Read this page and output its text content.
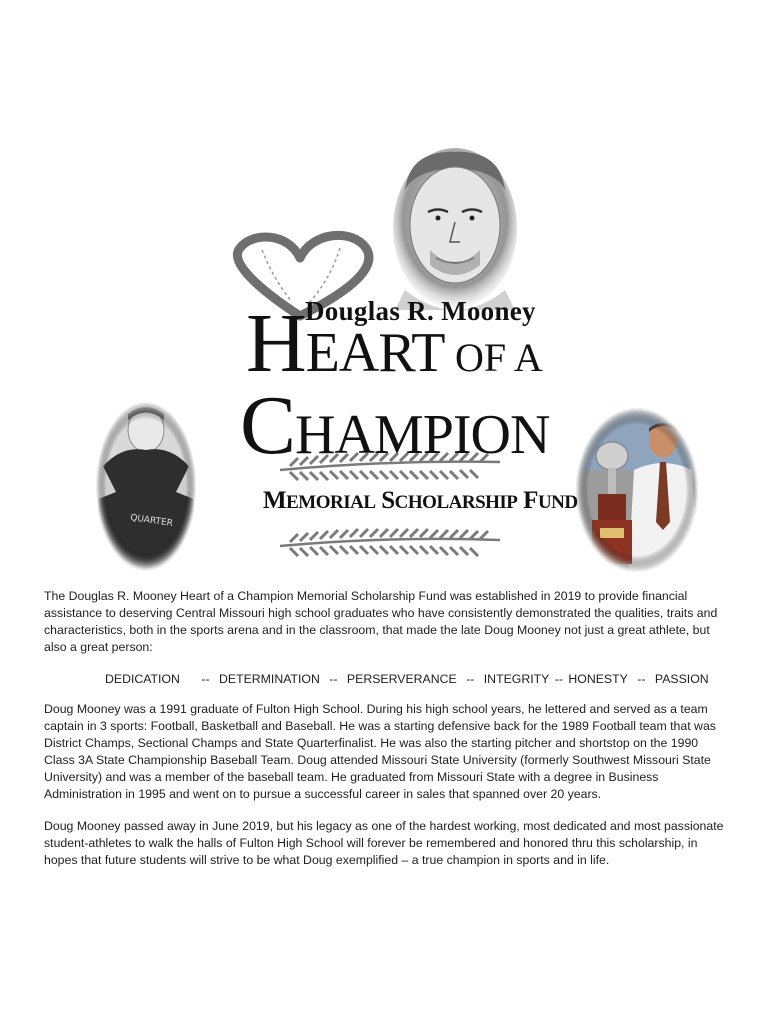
Douglas R. Mooney
HEART OF A
CHAMPION
MEMORIAL SCHOLARSHIP FUND
The Douglas R. Mooney Heart of a Champion Memorial Scholarship Fund was established in 2019 to provide financial assistance to deserving Central Missouri high school graduates who have consistently demonstrated the qualities, traits and characteristics, both in the sports arena and in the classroom, that made the late Doug Mooney not just a great athlete, but also a great person:
DEDICATION -- DETERMINATION -- PERSERVERANCE -- INTEGRITY -- HONESTY -- PASSION
Doug Mooney was a 1991 graduate of Fulton High School. During his high school years, he lettered and served as a team captain in 3 sports: Football, Basketball and Baseball. He was a starting defensive back for the 1989 Football team that was District Champs, Sectional Champs and State Quarterfinalist. He was also the starting pitcher and shortstop on the 1990 Class 3A State Championship Baseball Team. Doug attended Missouri State University (formerly Southwest Missouri State University) and was a member of the baseball team. He graduated from Missouri State with a degree in Business Administration in 1995 and went on to pursue a successful career in sales that spanned over 20 years.
Doug Mooney passed away in June 2019, but his legacy as one of the hardest working, most dedicated and most passionate student-athletes to walk the halls of Fulton High School will forever be remembered and honored thru this scholarship, in hopes that future students will strive to be what Doug exemplified – a true champion in sports and in life.
